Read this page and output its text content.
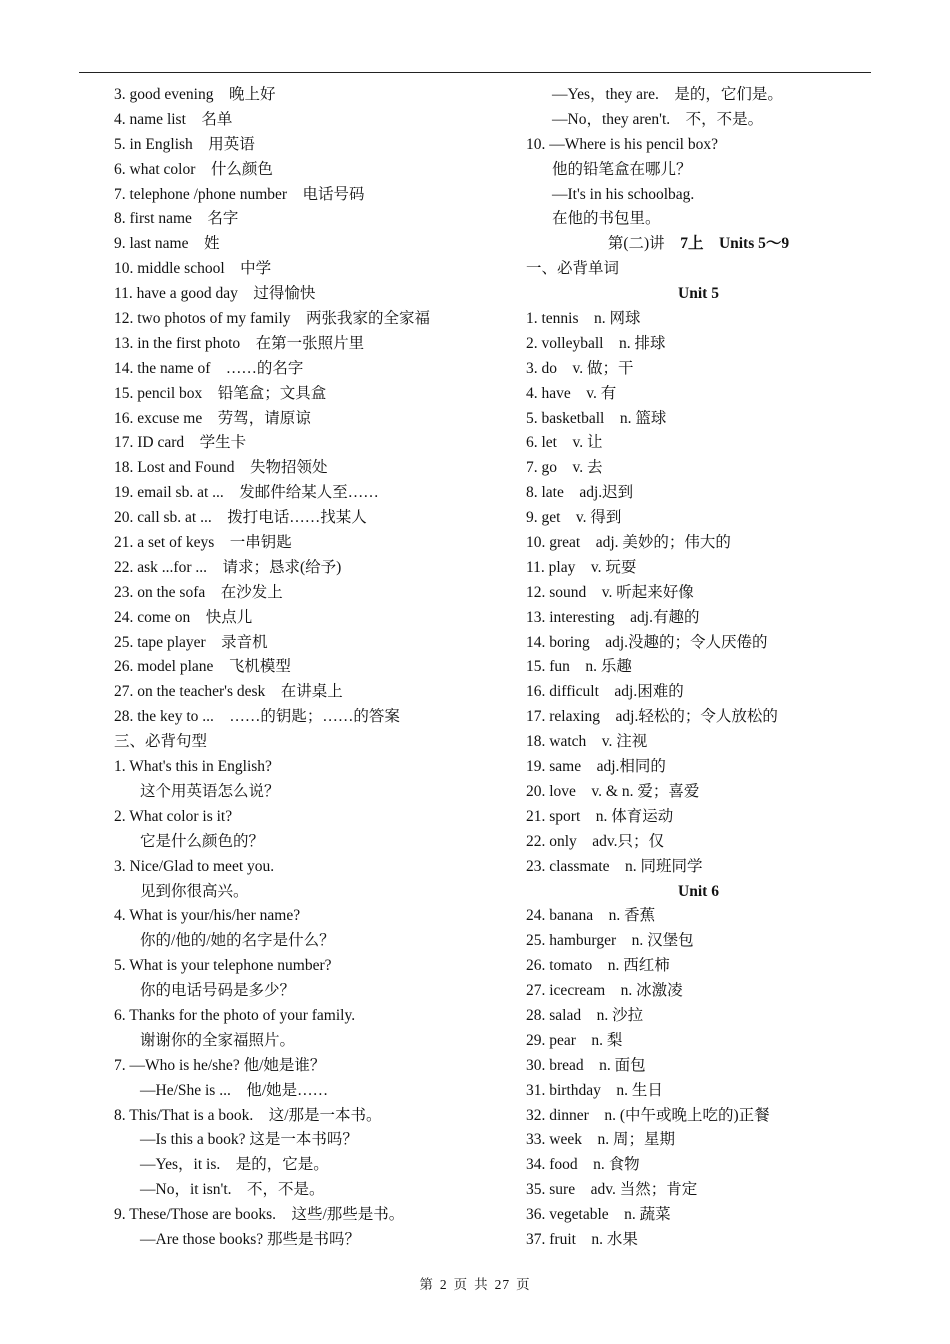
3. good evening　晚上好
4. name list　名单
5. in English　用英语
6. what color　什么颜色
7. telephone /phone number　电话号码
8. first name　名字
9. last name　姓
10. middle school　中学
11. have a good day　过得愉快
12. two photos of my family　两张我家的全家福
13. in the first photo　在第一张照片里
14. the name of　……的名字
15. pencil box　铅笔盒；文具盒
16. excuse me　劳驾，请原谅
17. ID card　学生卡
18. Lost and Found　失物招领处
19. email sb. at ...　发邮件给某人至……
20. call sb. at ...　拨打电话……找某人
21. a set of keys　一串钥匙
22. ask ...for ...　请求；恳求(给予)
23. on the sofa　在沙发上
24. come on　快点儿
25. tape player　录音机
26. model plane　飞机模型
27. on the teacher's desk　在讲桌上
28. the key to ...　……的钥匙；……的答案
三、必背句型
1. What's this in English?
这个用英语怎么说？
2. What color is it?
它是什么颜色的？
3. Nice/Glad to meet you.
见到你很高兴。
4. What is your/his/her name?
你的/他的/她的名字是什么？
5. What is your telephone number?
你的电话号码是多少？
6. Thanks for the photo of your family.
谢谢你的全家福照片。
7. —Who is he/she? 他/她是谁？
—He/She is ...　他/她是……
8. This/That is a book.　这/那是一本书。
—Is this a book? 这是一本书吗？
—Yes，it is.　是的，它是。
—No，it isn't.　不，不是。
9. These/Those are books.　这些/那些是书。
—Are those books? 那些是书吗？
—Yes，they are.　是的，它们是。
—No，they aren't.　不，不是。
10. —Where is his pencil box?
他的铅笔盒在哪儿？
—It's in his schoolbag.
在他的书包里。
第(二)讲　7上　Units 5～9
一、必背单词
Unit 5
1. tennis　n. 网球
2. volleyball　n. 排球
3. do　v. 做；干
4. have　v. 有
5. basketball　n. 篮球
6. let　v. 让
7. go　v. 去
8. late　adj.迟到
9. get　v. 得到
10. great　adj. 美妙的；伟大的
11. play　v. 玩耍
12. sound　v. 听起来好像
13. interesting　adj.有趣的
14. boring　adj.没趣的；令人厌倦的
15. fun　n. 乐趣
16. difficult　adj.困难的
17. relaxing　adj.轻松的；令人放松的
18. watch　v. 注视
19. same　adj.相同的
20. love　v. & n. 爱；喜爱
21. sport　n. 体育运动
22. only　adv.只；仅
23. classmate　n. 同班同学
Unit 6
24. banana　n. 香蕉
25. hamburger　n. 汉堡包
26. tomato　n. 西红柿
27. icecream　n. 冰激凌
28. salad　n. 沙拉
29. pear　n. 梨
30. bread　n. 面包
31. birthday　n. 生日
32. dinner　n. (中午或晚上吃的)正餐
33. week　n. 周；星期
34. food　n. 食物
35. sure　adv. 当然；肯定
36. vegetable　n. 蔬菜
37. fruit　n. 水果
第 2 页 共 27 页
